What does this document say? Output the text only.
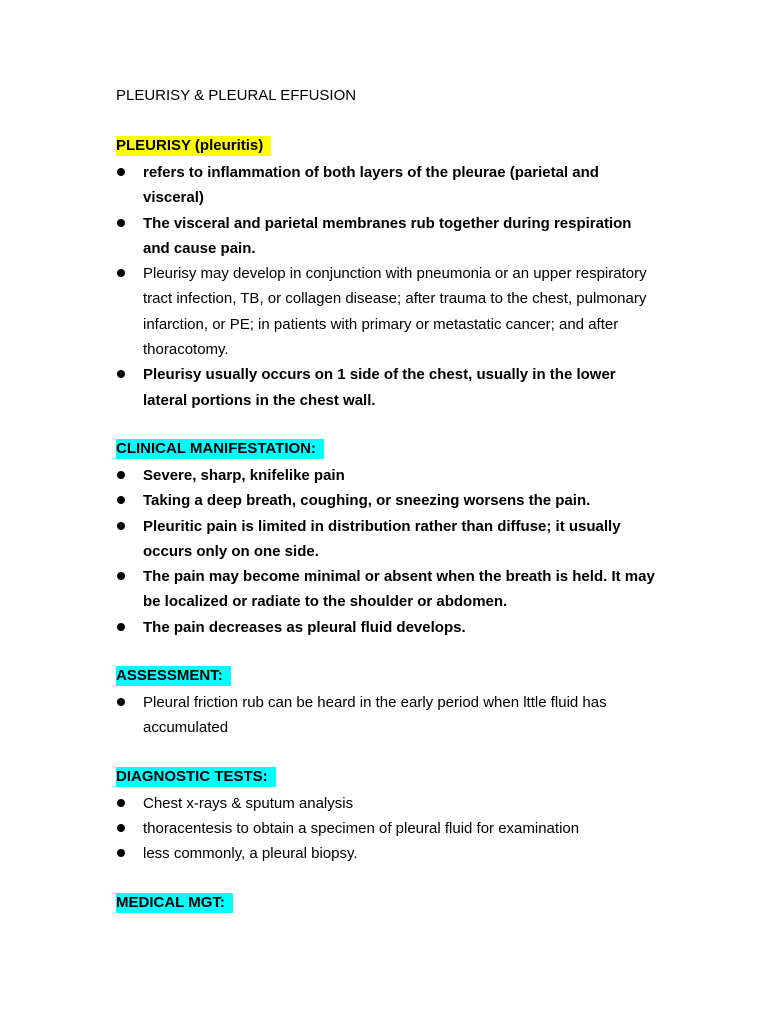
PLEURISY & PLEURAL EFFUSION
PLEURISY (pleuritis)
refers to inflammation of both layers of the pleurae (parietal and visceral)
The visceral and parietal membranes rub together during respiration and cause pain.
Pleurisy may develop in conjunction with pneumonia or an upper respiratory tract infection, TB, or collagen disease; after trauma to the chest, pulmonary infarction, or PE; in patients with primary or metastatic cancer; and after thoracotomy.
Pleurisy usually occurs on 1 side of the chest, usually in the lower lateral portions in the chest wall.
CLINICAL MANIFESTATION:
Severe, sharp, knifelike pain
Taking a deep breath, coughing, or sneezing worsens the pain.
Pleuritic pain is limited in distribution rather than diffuse; it usually occurs only on one side.
The pain may become minimal or absent when the breath is held. It may be localized or radiate to the shoulder or abdomen.
The pain decreases as pleural fluid develops.
ASSESSMENT:
Pleural friction rub can be heard in the early period when lttle fluid has accumulated
DIAGNOSTIC TESTS:
Chest x-rays & sputum analysis
thoracentesis to obtain a specimen of pleural fluid for examination
less commonly, a pleural biopsy.
MEDICAL MGT:
